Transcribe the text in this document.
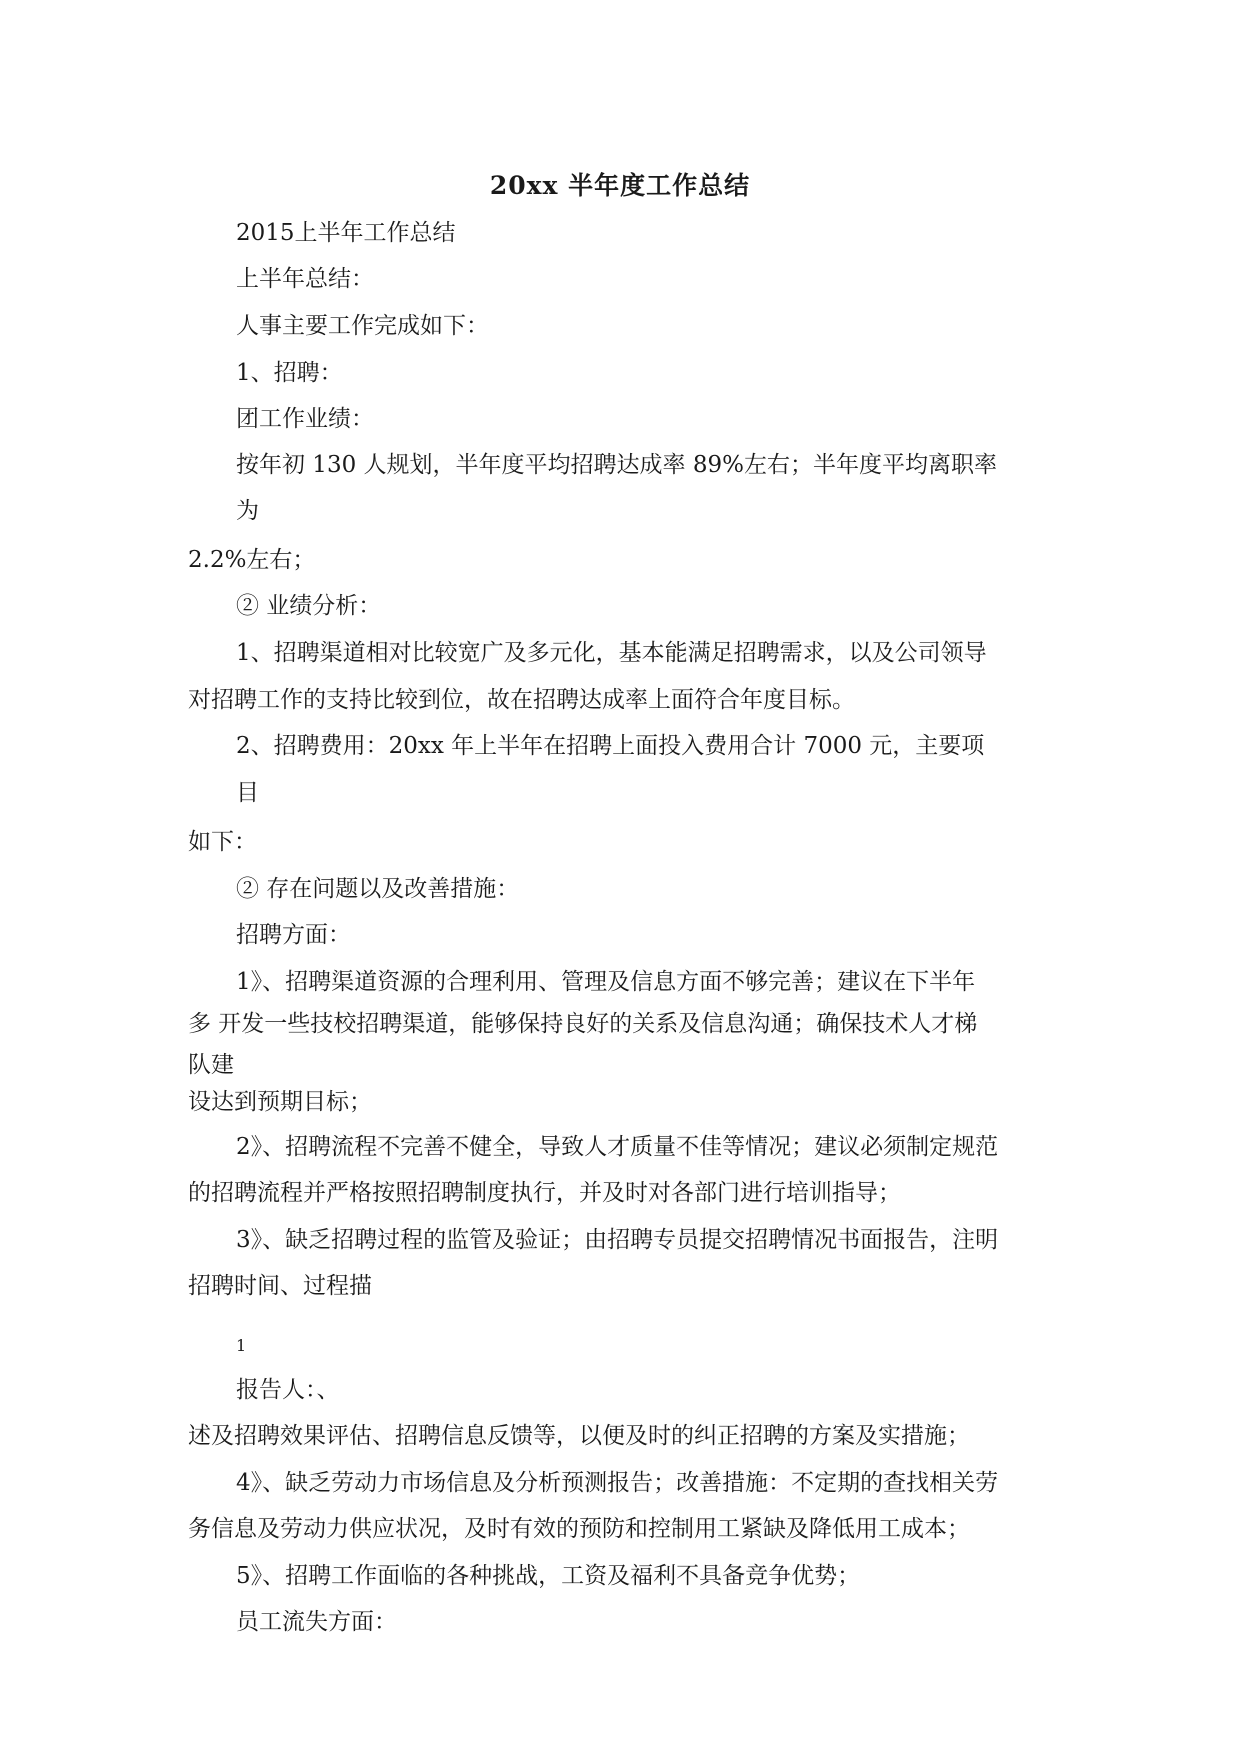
20xx 半年度工作总结
2015上半年工作总结
上半年总结：
人事主要工作完成如下：
1、招聘：
团工作业绩：
按年初 130 人规划，半年度平均招聘达成率 89%左右；半年度平均离职率
为
2.2%左右；
② 业绩分析：
1、招聘渠道相对比较宽广及多元化，基本能满足招聘需求，以及公司领导
对招聘工作的支持比较到位，故在招聘达成率上面符合年度目标。
2、招聘费用：20xx 年上半年在招聘上面投入费用合计 7000 元，主要项
目
如下：
② 存在问题以及改善措施：
招聘方面：
1》、招聘渠道资源的合理利用、管理及信息方面不够完善；建议在下半年
多 开发一些技校招聘渠道，能够保持良好的关系及信息沟通；确保技术人才梯
队建
设达到预期目标；
2》、招聘流程不完善不健全，导致人才质量不佳等情况；建议必须制定规范
的招聘流程并严格按照招聘制度执行，并及时对各部门进行培训指导；
3》、缺乏招聘过程的监管及验证；由招聘专员提交招聘情况书面报告，注明
招聘时间、过程描
1
报告人：、
述及招聘效果评估、招聘信息反馈等，以便及时的纠正招聘的方案及实措施；
4》、缺乏劳动力市场信息及分析预测报告；改善措施：不定期的查找相关劳
务信息及劳动力供应状况，及时有效的预防和控制用工紧缺及降低用工成本；
5》、招聘工作面临的各种挑战，工资及福利不具备竞争优势；
员工流失方面：
